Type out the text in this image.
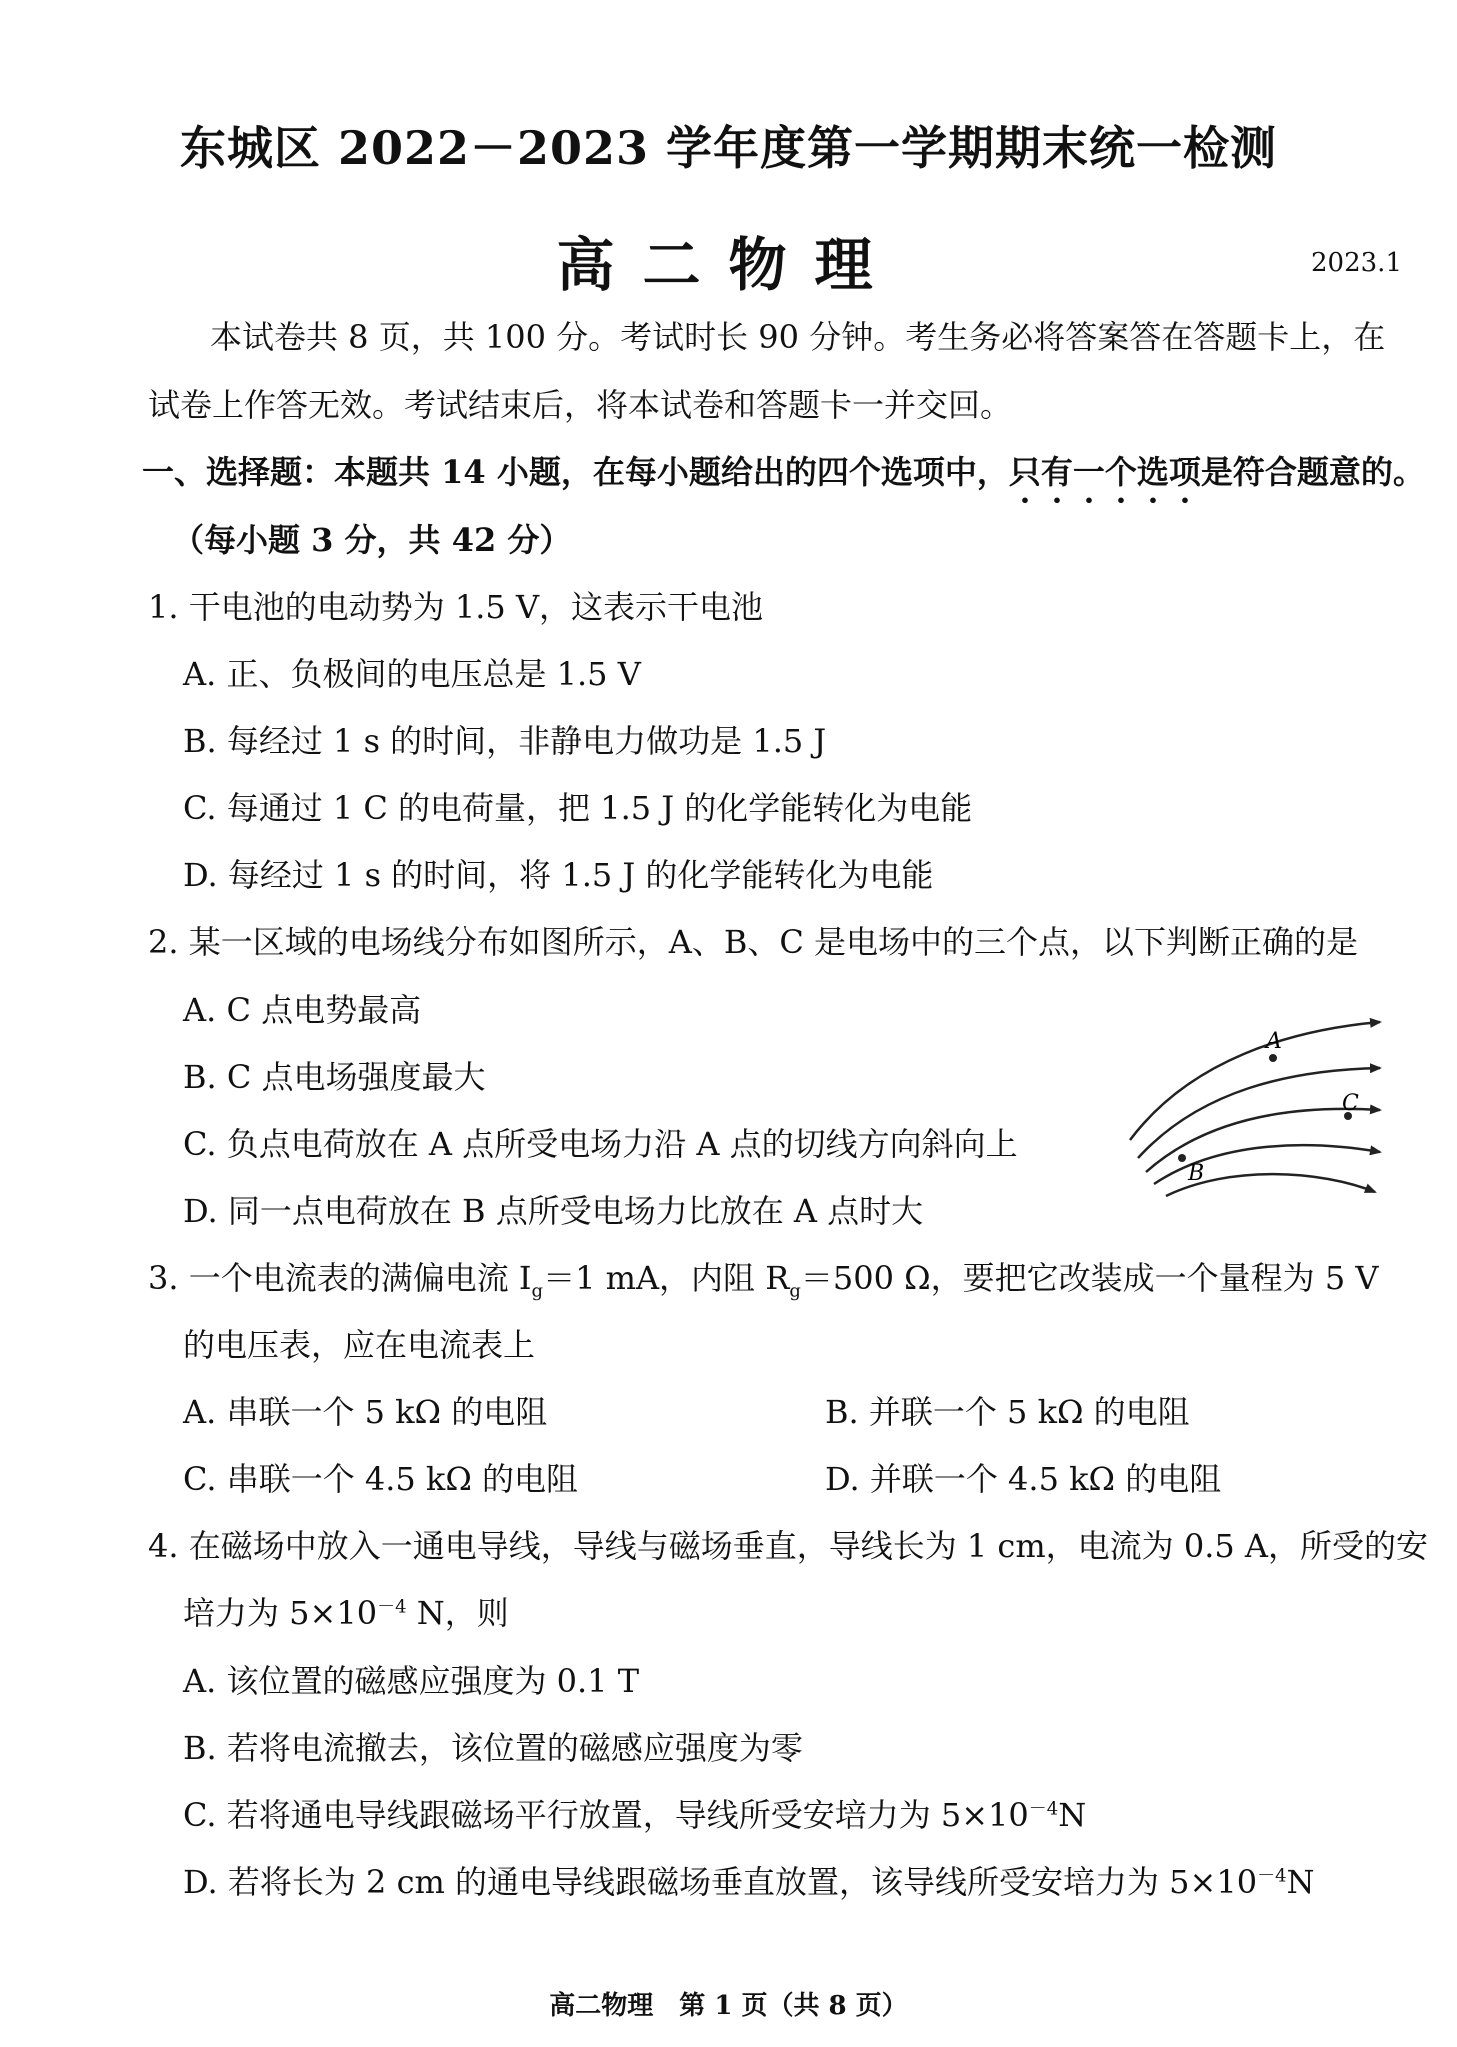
东城区 2022－2023 学年度第一学期期末统一检测
高二物理	2023.1
本试卷共 8 页，共 100 分。考试时长 90 分钟。考生务必将答案答在答题卡上，在
试卷上作答无效。考试结束后，将本试卷和答题卡一并交回。
一、选择题：本题共 14 小题，在每小题给出的四个选项中，只有一个选项是符合题意的。
（每小题 3 分，共 42 分）
1. 干电池的电动势为 1.5 V，这表示干电池
A. 正、负极间的电压总是 1.5 V
B. 每经过 1 s 的时间，非静电力做功是 1.5 J
C. 每通过 1 C 的电荷量，把 1.5 J 的化学能转化为电能
D. 每经过 1 s 的时间，将 1.5 J 的化学能转化为电能
2. 某一区域的电场线分布如图所示，A、B、C 是电场中的三个点，以下判断正确的是
A. C 点电势最高
B. C 点电场强度最大
C. 负点电荷放在 A 点所受电场力沿 A 点的切线方向斜向上
D. 同一点电荷放在 B 点所受电场力比放在 A 点时大
A
B
C
3. 一个电流表的满偏电流 $I_g=1$ mA，内阻 $R_g=500$ Ω，要把它改装成一个量程为 5 V
的电压表，应在电流表上
A. 串联一个 5 kΩ 的电阻	B. 并联一个 5 kΩ 的电阻
C. 串联一个 4.5 kΩ 的电阻	D. 并联一个 4.5 kΩ 的电阻
4. 在磁场中放入一通电导线，导线与磁场垂直，导线长为 1 cm，电流为 0.5 A，所受的安
培力为 $5\times 10^{-4}$ N，则
A. 该位置的磁感应强度为 0.1 T
B. 若将电流撤去，该位置的磁感应强度为零
C. 若将通电导线跟磁场平行放置，导线所受安培力为 $5\times 10^{-4}N$
D. 若将长为 2 cm 的通电导线跟磁场垂直放置，该导线所受安培力为 $5\times 10^{-4}N$
高二物理　第 1 页（共 8 页）
